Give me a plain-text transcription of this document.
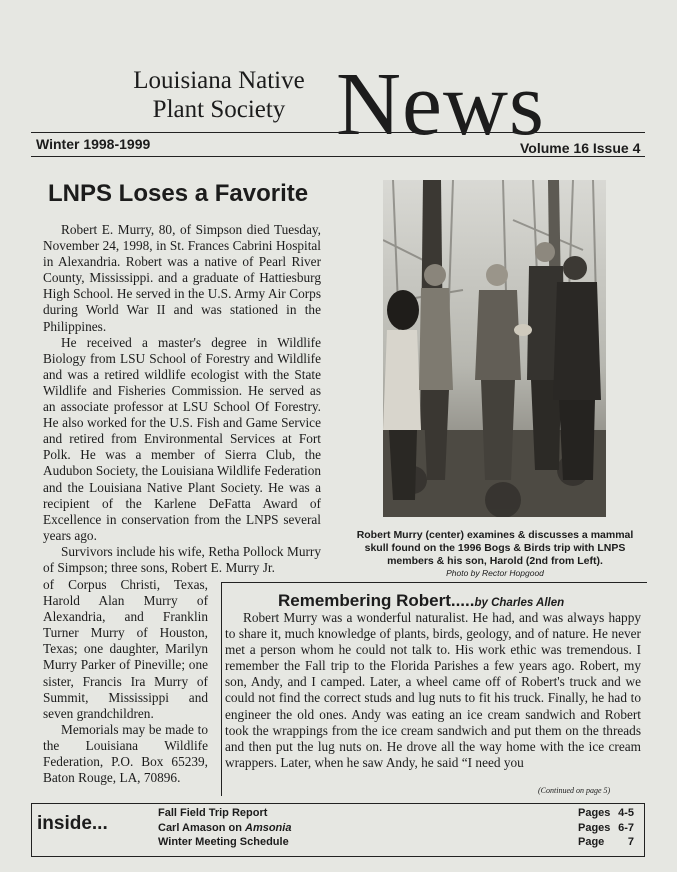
Louisiana Native
Plant Society News
Winter 1998-1999	Volume 16 Issue 4
LNPS Loses a Favorite

Robert E. Murry, 80, of Simpson died Tuesday, November 24, 1998, in St. Frances Cabrini Hospital in Alexandria. Robert was a native of Pearl River County, Mississippi. and a graduate of Hattiesburg High School. He served in the U.S. Army Air Corps during World War II and was stationed in the Philippines.

He received a master's degree in Wildlife Biology from LSU School of Forestry and Wildlife and was a retired wildlife ecologist with the State Wildlife and Fisheries Commission. He served as an associate professor at LSU School Of Forestry. He also worked for the U.S. Fish and Game Service and retired from Environmental Services at Fort Polk. He was a member of Sierra Club, the Audubon Society, the Louisiana Wildlife Federation and the Louisiana Native Plant Society. He was a recipient of the Karlene DeFatta Award of Excellence in conservation from the LNPS several years ago.

Survivors include his wife, Retha Pollock Murry of Simpson; three sons, Robert E. Murry Jr.

of Corpus Christi, Texas, Harold Alan Murry of Alexandria, and Franklin Turner Murry of Houston, Texas; one daughter, Marilyn Murry Parker of Pineville; one sister, Francis Ira Murry of Summit, Mississippi and seven grandchildren.

Memorials may be made to the Louisiana Wildlife Federation, P.O. Box 65239, Baton Rouge, LA, 70896.

Robert Murry (center) examines & discusses a mammal skull found on the 1996 Bogs & Birds trip with LNPS members & his son, Harold (2nd from Left).
Photo by Rector Hopgood
Remembering Robert.....by Charles Allen

Robert Murry was a wonderful naturalist. He had, and was always happy to share it, much knowledge of plants, birds, geology, and of nature. He never met a person whom he could not talk to. His work ethic was tremendous. I remember the Fall trip to the Florida Parishes a few years ago. Robert, my son, Andy, and I camped. Later, a wheel came off of Robert's truck and we could not find the correct studs and lug nuts to fit his truck. Finally, he had to engineer the old ones. Andy was eating an ice cream sandwich and Robert took the wrappings from the ice cream sandwich and put them on the threads and then put the lug nuts on. He drove all the way home with the ice cream wrappers. Later, when he saw Andy, he said “I need you

(Continued on page 5)
inside...	Fall Field Trip Report
Carl Amason on Amsonia
Winter Meeting Schedule
Pages 4-5
Pages 6-7
Page 7
